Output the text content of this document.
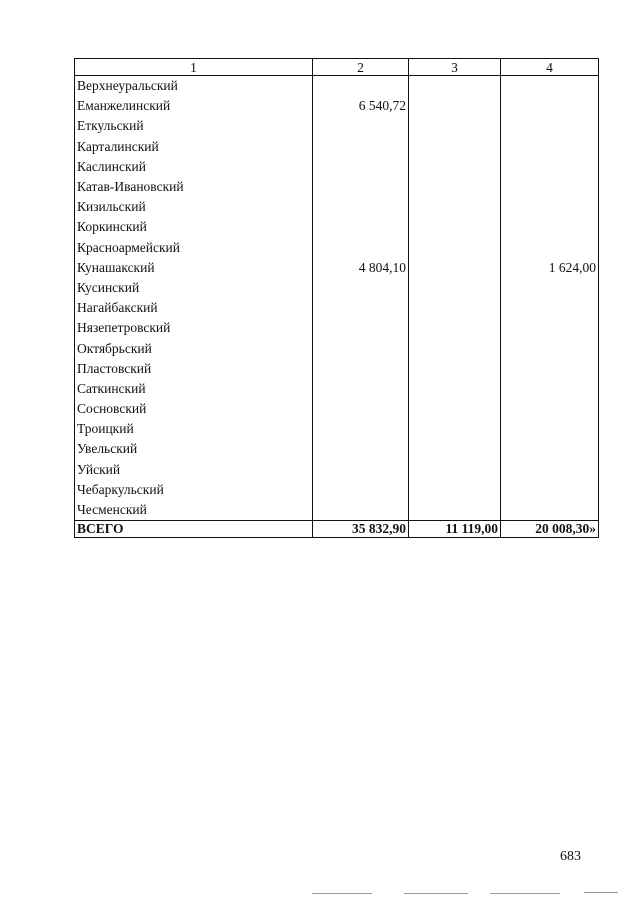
1	2	3	4
Верхнеуральский			
Еманжелинский	6 540,72		
Еткульский			
Карталинский			
Каслинский			
Катав-Ивановский			
Кизильский			
Коркинский			
Красноармейский			
Кунашакский	4 804,10		1 624,00
Кусинский			
Нагайбакский			
Нязепетровский			
Октябрьский			
Пластовский			
Саткинский			
Сосновский			
Троицкий			
Увельский			
Уйский			
Чебаркульский			
Чесменский			
ВСЕГО	35 832,90	11 119,00	20 008,30»
683
